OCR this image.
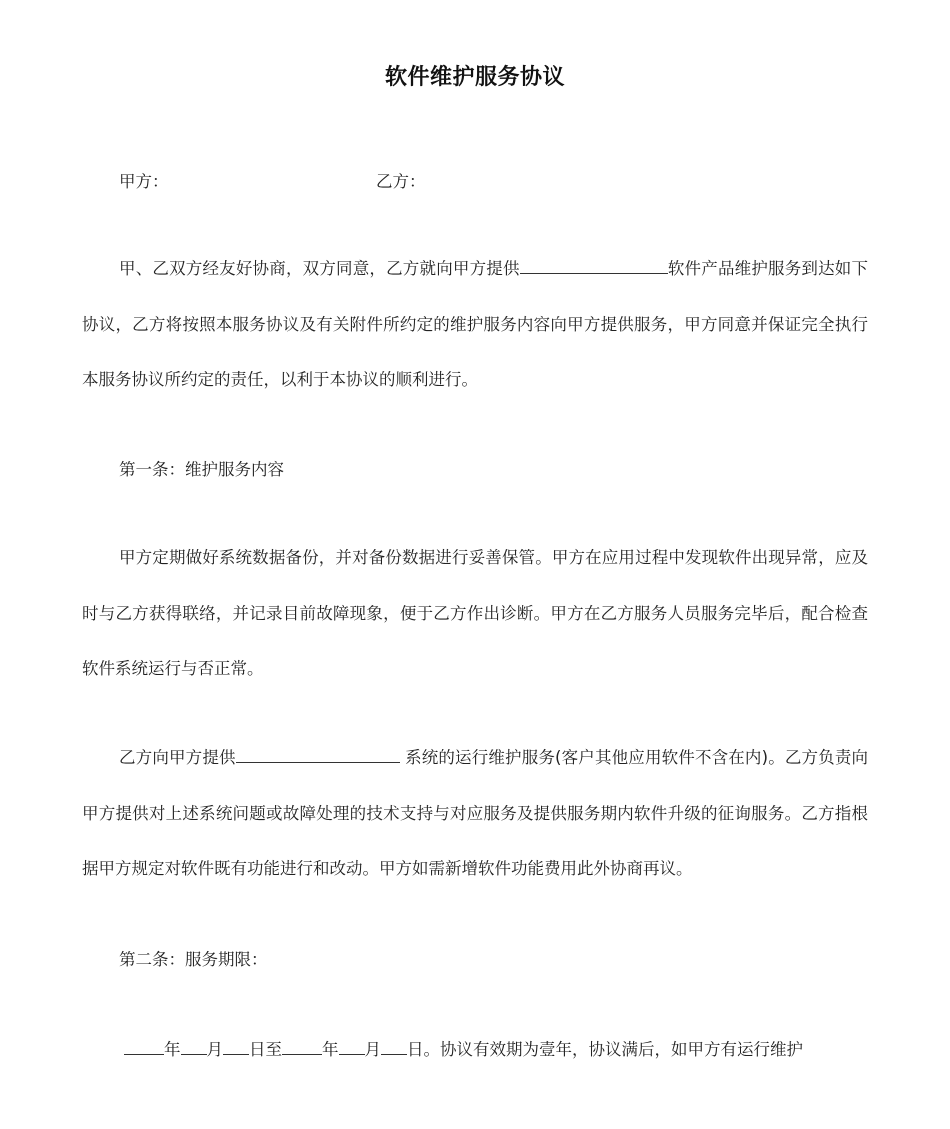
软件维护服务协议
甲方：	乙方：
甲、乙双方经友好协商，双方同意，乙方就向甲方提供	软件产品维护服务到达如下协议，乙方将按照本服务协议及有关附件所约定的维护服务内容向甲方提供服务，甲方同意并保证完全执行本服务协议所约定的责任，以利于本协议的顺利进行。
第一条：维护服务内容
甲方定期做好系统数据备份，并对备份数据进行妥善保管。甲方在应用过程中发现软件出现异常，应及时与乙方获得联络，并记录目前故障现象，便于乙方作出诊断。甲方在乙方服务人员服务完毕后，配合检查软件系统运行与否正常。
乙方向甲方提供	系统的运行维护服务(客户其他应用软件不含在内)。乙方负责向甲方提供对上述系统问题或故障处理的技术支持与对应服务及提供服务期内软件升级的征询服务。乙方指根据甲方规定对软件既有功能进行和改动。甲方如需新增软件功能费用此外协商再议。
第二条：服务期限：
年 月 日至 年 月 日。协议有效期为壹年，协议满后，如甲方有运行维护
